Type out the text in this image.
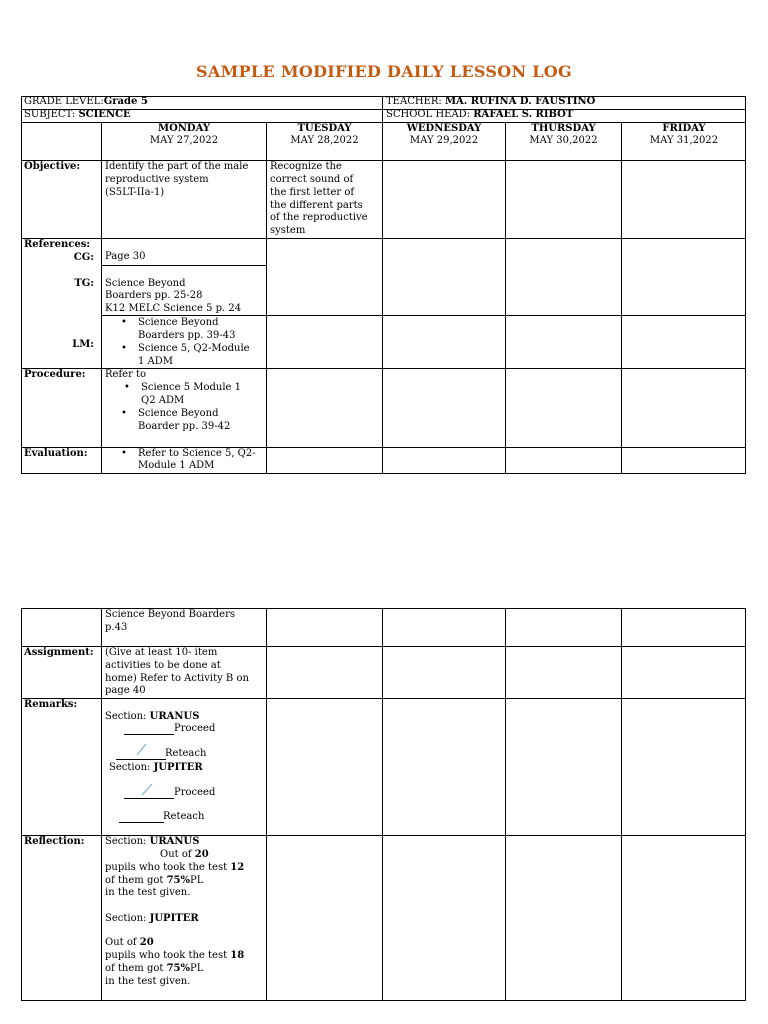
SAMPLE MODIFIED DAILY LESSON LOG
GRADE LEVEL:Grade 5	TEACHER: MA. RUFINA D. FAUSTINO
SUBJECT: SCIENCE	SCHOOL HEAD: RAFAEL S. RIBOT
MONDAY
MAY 27,2022
TUESDAY
MAY 28,2022
WEDNESDAY
MAY 29,2022
THURSDAY
MAY 30,2022
FRIDAY
MAY 31,2022
Objective: Identify the part of the male
reproductive system
(S5LT-IIa-1)
Recognize the
correct sound of
the first letter of
the different parts
of the reproductive
system
References:
CG: Page 30
TG: Science Beyond
Boarders pp. 25-28
K12 MELC Science 5 p. 24
LM:
• Science Beyond
Boarders pp. 39-43
• Science 5, Q2-Module
1 ADM
Procedure: Refer to
• Science 5 Module 1
Q2 ADM
• Science Beyond
Boarder pp. 39-42
Evaluation:
•	Refer to Science 5, Q2-
Module 1 ADM
Science Beyond Boarders
p.43
Assignment: (Give at least 10- item
activities to be done at
home) Refer to Activity B on
page 40
Remarks:
Section: URANUS
Proceed
Reteach
Section: JUPITER
Proceed
Reteach
Reflection: Section: URANUS
Out of 20
pupils who took the test 12
of them got 75%PL
in the test given.
Section: JUPITER
Out of 20
pupils who took the test 18
of them got 75%PL
in the test given.
